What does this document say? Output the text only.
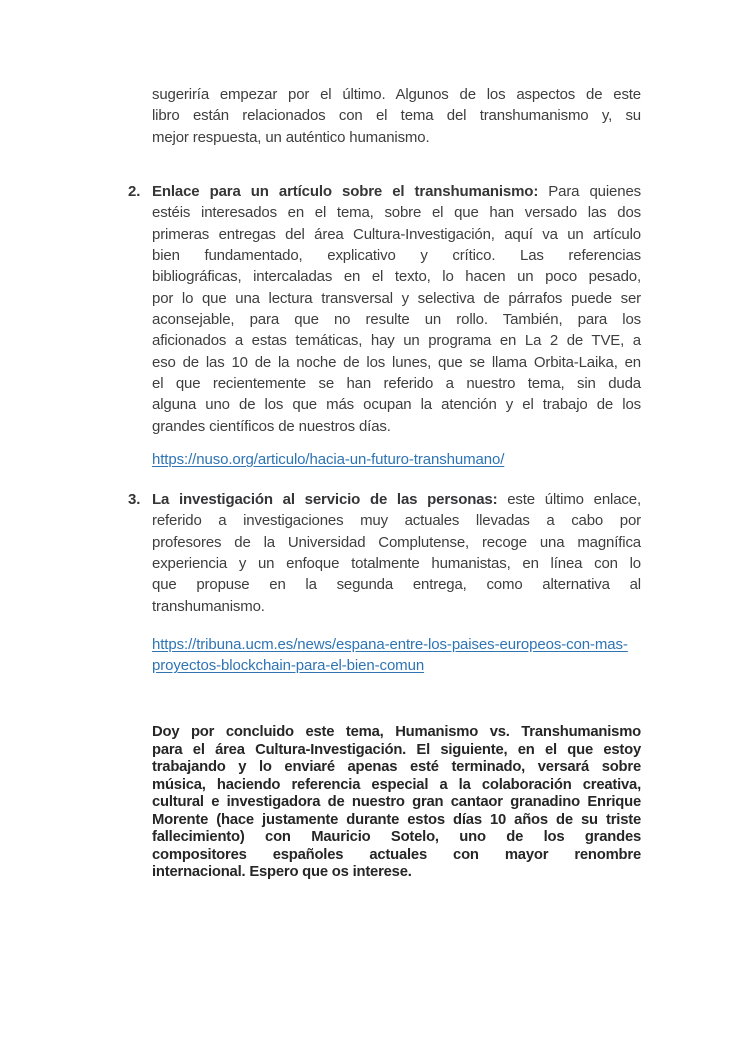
sugeriría empezar por el último. Algunos de los aspectos de este
libro están relacionados con el tema del transhumanismo y, su
mejor respuesta, un auténtico humanismo.
2. Enlace para un artículo sobre el transhumanismo: Para quienes
estéis interesados en el tema, sobre el que han versado las dos
primeras entregas del área Cultura-Investigación, aquí va un artículo
bien fundamentado, explicativo y crítico. Las referencias
bibliográficas, intercaladas en el texto, lo hacen un poco pesado,
por lo que una lectura transversal y selectiva de párrafos puede ser
aconsejable, para que no resulte un rollo. También, para los
aficionados a estas temáticas, hay un programa en La 2 de TVE, a
eso de las 10 de la noche de los lunes, que se llama Orbita-Laika, en
el que recientemente se han referido a nuestro tema, sin duda
alguna uno de los que más ocupan la atención y el trabajo de los
grandes científicos de nuestros días.
https://nuso.org/articulo/hacia-un-futuro-transhumano/
3. La investigación al servicio de las personas: este último enlace,
referido a investigaciones muy actuales llevadas a cabo por
profesores de la Universidad Complutense, recoge una magnífica
experiencia y un enfoque totalmente humanistas, en línea con lo
que propuse en la segunda entrega, como alternativa al
transhumanismo.
https://tribuna.ucm.es/news/espana-entre-los-paises-europeos-con-mas-
proyectos-blockchain-para-el-bien-comun
Doy por concluido este tema, Humanismo vs. Transhumanismo
para el área Cultura-Investigación. El siguiente, en el que estoy
trabajando y lo enviaré apenas esté terminado, versará sobre
música, haciendo referencia especial a la colaboración creativa,
cultural e investigadora de nuestro gran cantaor granadino Enrique
Morente (hace justamente durante estos días 10 años de su triste
fallecimiento) con Mauricio Sotelo, uno de los grandes
compositores españoles actuales con mayor renombre
internacional. Espero que os interese.
